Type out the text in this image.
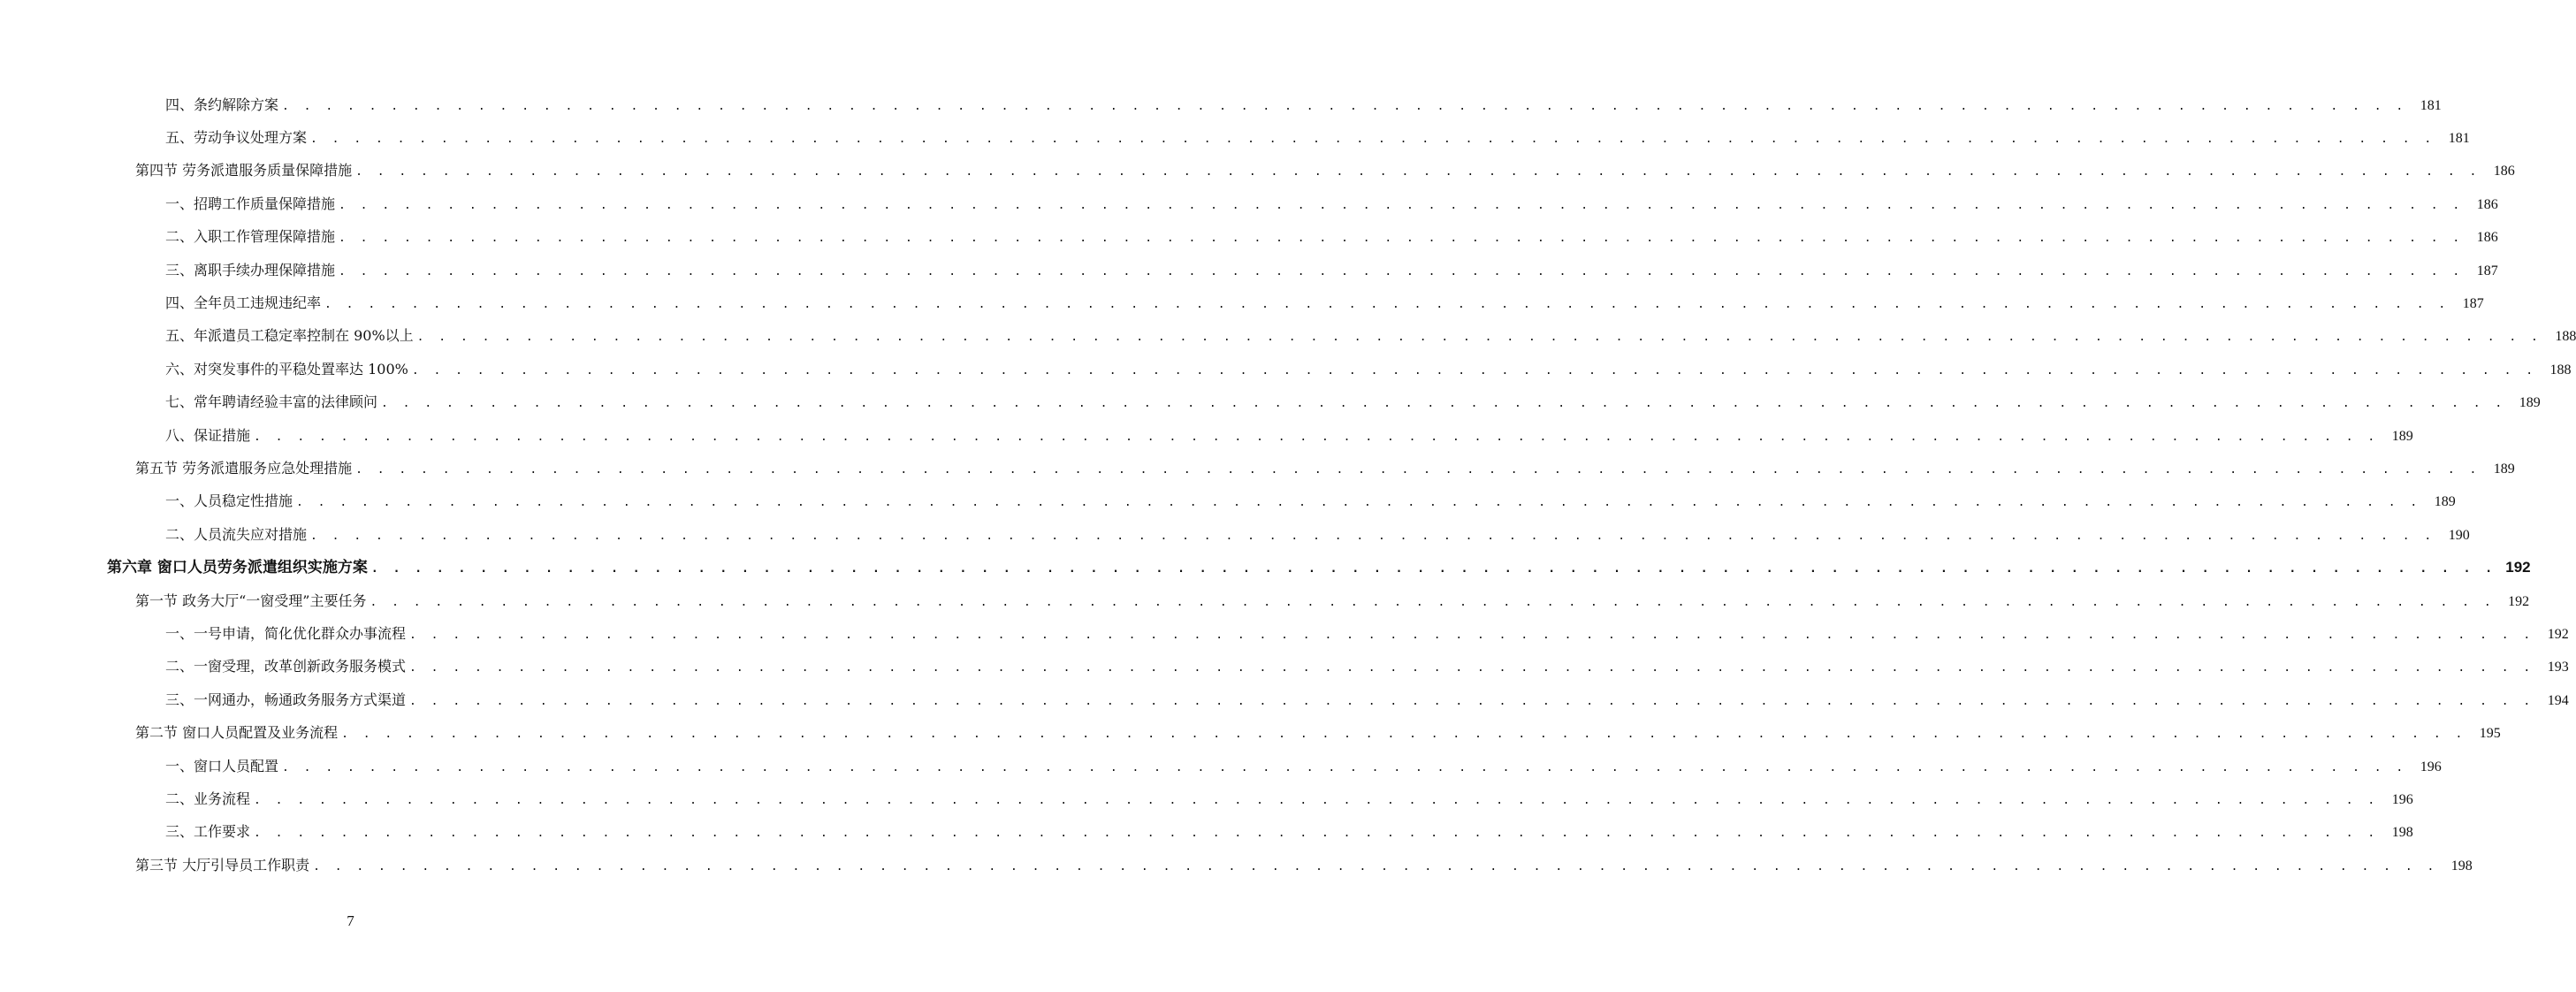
四、条约解除方案 . . .	181
五、劳动争议处理方案 . . .	181
第四节 劳务派遣服务质量保障措施 . . .	186
一、招聘工作质量保障措施 . . .	186
二、入职工作管理保障措施 . . .	186
三、离职手续办理保障措施 . . .	187
四、全年员工违规违纪率 . . .	187
五、年派遣员工稳定率控制在 90%以上 . . .	188
六、对突发事件的平稳处置率达 100% . . .	188
七、常年聘请经验丰富的法律顾问 . . .	189
八、保证措施 . . .	189
第五节 劳务派遣服务应急处理措施 . . .	189
一、人员稳定性措施 . . .	189
二、人员流失应对措施 . . .	190
第六章 窗口人员劳务派遣组织实施方案 . . .	192
第一节 政务大厅“一窗受理”主要任务 . . .	192
一、一号申请，简化优化群众办事流程 . . .	192
二、一窗受理，改革创新政务服务模式 . . .	193
三、一网通办，畅通政务服务方式渠道 . . .	194
第二节 窗口人员配置及业务流程 . . .	195
一、窗口人员配置 . . .	196
二、业务流程 . . .	196
三、工作要求 . . .	198
第三节 大厅引导员工作职责 . . .	198
7
